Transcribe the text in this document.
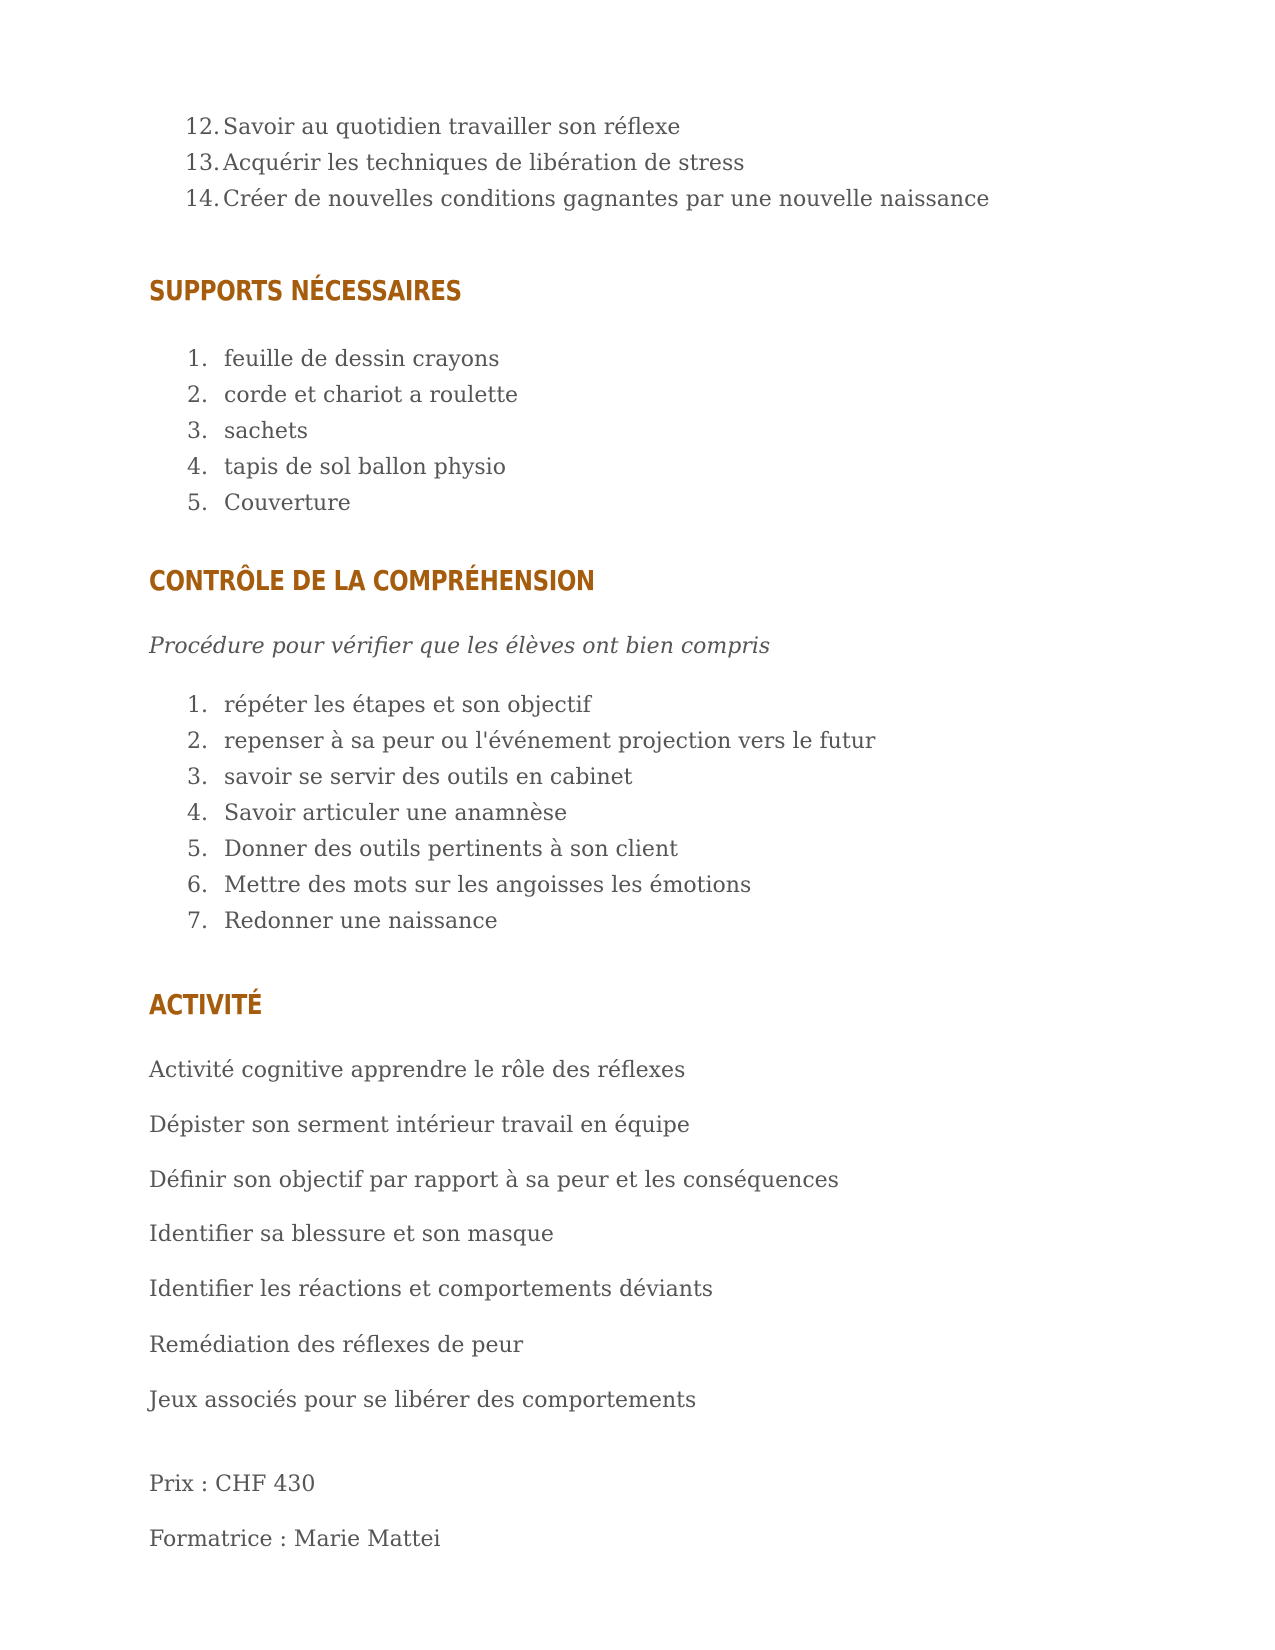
12. Savoir au quotidien travailler son réflexe
13. Acquérir les techniques de libération de stress
14. Créer de nouvelles conditions gagnantes par une nouvelle naissance
SUPPORTS NÉCESSAIRES
1. feuille de dessin crayons
2. corde et chariot a roulette
3. sachets
4. tapis de sol ballon physio
5. Couverture
CONTRÔLE DE LA COMPRÉHENSION
Procédure pour vérifier que les élèves ont bien compris
1. répéter les étapes et son objectif
2. repenser à sa peur ou l'événement projection vers le futur
3. savoir se servir des outils en cabinet
4. Savoir articuler une anamnèse
5. Donner des outils pertinents à son client
6. Mettre des mots sur les angoisses les émotions
7. Redonner une naissance
ACTIVITÉ
Activité cognitive apprendre le rôle des réflexes
Dépister son serment intérieur travail en équipe
Définir son objectif par rapport à sa peur et les conséquences
Identifier sa blessure et son masque
Identifier les réactions et comportements déviants
Remédiation des réflexes de peur
Jeux associés pour se libérer des comportements
Prix : CHF 430
Formatrice : Marie Mattei
